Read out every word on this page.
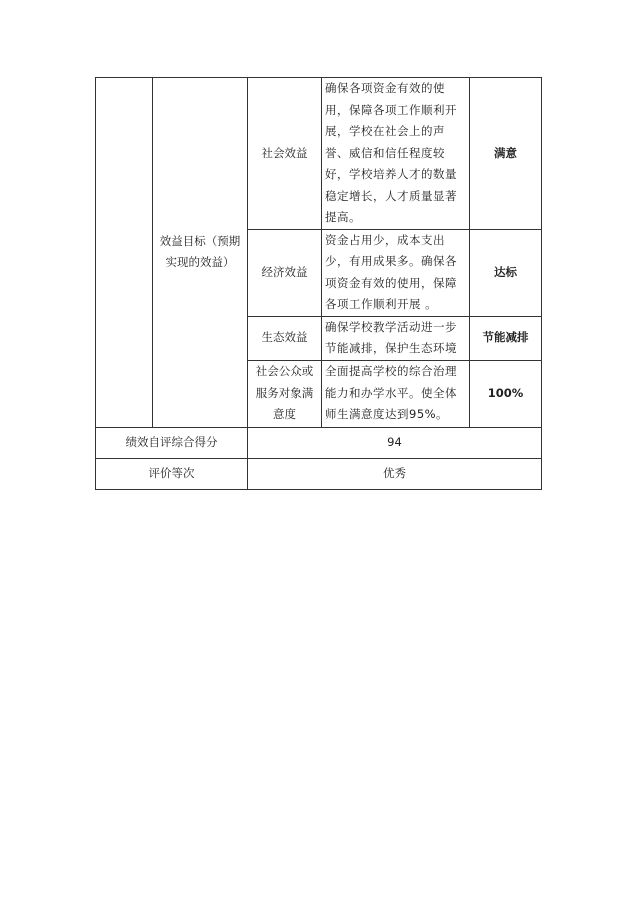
	效益目标（预期实现的效益）	社会效益	确保各项资金有效的使用，保障各项工作顺利开展，学校在社会上的声誉、威信和信任程度较好，学校培养人才的数量稳定增长，人才质量显著提高。	满意
		经济效益	资金占用少，成本支出少，有用成果多。确保各项资金有效的使用，保障各项工作顺利开展 。	达标
		生态效益	确保学校教学活动进一步节能减排，保护生态环境	节能减排
		社会公众或服务对象满意度	全面提高学校的综合治理能力和办学水平。使全体师生满意度达到95%。	100%
绩效自评综合得分		94		
评价等次		优秀		
